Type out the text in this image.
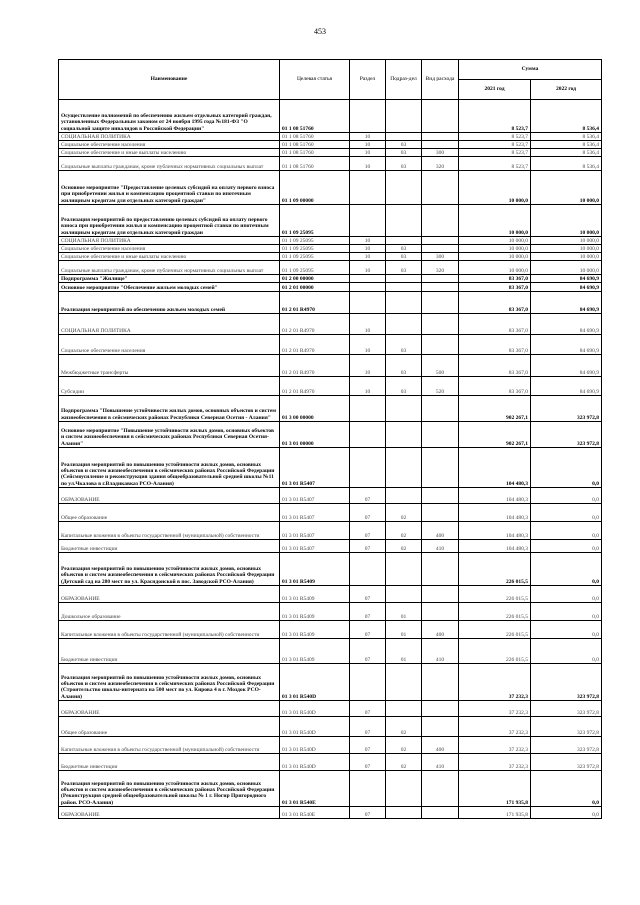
453
Наименование	Целевая статья	Раздел	Подраз-дел	Вид расхода	Сумма	
					2021 год	2022 год
Осуществление полномочий по обеспечению жильем отдельных категорий граждан, установленных Федеральным законом от 24 ноября 1995 года №181-ФЗ "О социальной защите инвалидов в Российской Федерации"	01 1 08 51760				8 523,7	8 536,4
СОЦИАЛЬНАЯ ПОЛИТИКА	01 1 08 51760	10			8 523,7	8 536,4
Социальное обеспечение населения	01 1 08 51760	10	03		8 523,7	8 536,4
Социальное обеспечение и иные выплаты населению	01 1 08 51760	10	03	300	8 523,7	8 536,4
Социальные выплаты гражданам, кроме публичных нормативных социальных выплат	01 1 08 51760	10	03	320	8 523,7	8 536,4
Основное мероприятие "Предоставление целевых субсидий на оплату первого взноса при приобретении жилья и компенсацию процентной ставки по ипотечным жилищным кредитам для отдельных категорий граждан"	01 1 09 00000				10 000,0	10 000,0
Реализация мероприятий по предоставлению целевых субсидий на оплату первого взноса при приобретении жилья и компенсацию процентной ставки по ипотечным жилищным кредитам для отдельных категорий граждан	01 1 09 25095				10 000,0	10 000,0
СОЦИАЛЬНАЯ ПОЛИТИКА	01 1 09 25095	10			10 000,0	10 000,0
Социальное обеспечение населения	01 1 09 25095	10	03		10 000,0	10 000,0
Социальное обеспечение и иные выплаты населению	01 1 09 25095	10	03	300	10 000,0	10 000,0
Социальные выплаты гражданам, кроме публичных нормативных социальных выплат	01 1 09 25095	10	03	320	10 000,0	10 000,0
Подпрограмма "Жилище"	01 2 00 00000				83 367,0	84 690,9
Основное мероприятие "Обеспечение жильем молодых семей"	01 2 01 00000				83 367,0	84 690,9
Реализация мероприятий по обеспечению жильем молодых семей	01 2 01 R4970				83 367,0	84 690,9
СОЦИАЛЬНАЯ ПОЛИТИКА	01 2 01 R4970	10			83 367,0	84 690,9
Социальное обеспечение населения	01 2 01 R4970	10	03		83 367,0	84 690,9
Межбюджетные трансферты	01 2 01 R4970	10	03	500	83 367,0	84 690,9
Субсидии	01 2 01 R4970	10	03	520	83 367,0	84 690,9
Подпрограмма "Повышение устойчивости жилых домов, основных объектов и систем жизнеобеспечения в сейсмических районах Республики Северная Осетия - Алания"	01 3 00 00000				902 267,1	323 972,8
Основное мероприятие "Повышение устойчивости жилых домов, основных объектов и систем жизнеобеспечения в сейсмических районах Республики Северная Осетия-Алания"	01 3 01 00000				902 267,1	323 972,8
Реализация мероприятий по повышению устойчивости жилых домов, основных объектов и систем жизнеобеспечения в сейсмических районах Российской Федерации (Сейсмоусиление и реконструкция здания общеобразовательной средней школы №11 по ул.Чкалова в г.Владикавказ РСО-Алания)	01 3 01 R5407				104 480,3	0,0
ОБРАЗОВАНИЕ	01 3 01 R5407	07			104 480,3	0,0
Общее образование	01 3 01 R5407	07	02		104 480,3	0,0
Капитальные вложения в объекты государственной (муниципальной) собственности	01 3 01 R5407	07	02	400	104 480,3	0,0
Бюджетные инвестиции	01 3 01 R5407	07	02	410	104 480,3	0,0
Реализация мероприятий по повышению устойчивости жилых домов, основных объектов и систем жизнеобеспечения в сейсмических районах Российской Федерации (Детский сад на 280 мест по ул. Красндонской в пос. Заводской РСО-Алания)	01 3 01 R5409				226 015,5	0,0
ОБРАЗОВАНИЕ	01 3 01 R5409	07			226 015,5	0,0
Дошкольное образование	01 3 01 R5409	07	01		226 015,5	0,0
Капитальные вложения в объекты государственной (муниципальной) собственности	01 3 01 R5409	07	01	400	226 015,5	0,0
Бюджетные инвестиции	01 3 01 R5409	07	01	410	226 015,5	0,0
Реализация мероприятий по повышению устойчивости жилых домов, основных объектов и систем жизнеобеспечения в сейсмических районах Российской Федерации (Строительство школы-интерната на 500 мест по ул. Кирова 4 в г. Моздок РСО-Алания)	01 3 01 R540D				37 232,3	323 972,8
ОБРАЗОВАНИЕ	01 3 01 R540D	07			37 232,3	323 972,8
Общее образование	01 3 01 R540D	07	02		37 232,3	323 972,8
Капитальные вложения в объекты государственной (муниципальной) собственности	01 3 01 R540D	07	02	400	37 232,3	323 972,8
Бюджетные инвестиции	01 3 01 R540D	07	02	410	37 232,3	323 972,8
Реализация мероприятий по повышению устойчивости жилых домов, основных объектов и систем жизнеобеспечения в сейсмических районах Российской Федерации (Реконструкция средней общеобразовательной школы № 1 г. Ногир Пригородного район. РСО-Алания)	01 3 01 R540E				171 935,8	0,0
ОБРАЗОВАНИЕ	01 3 01 R540E	07			171 935,8	0,0
